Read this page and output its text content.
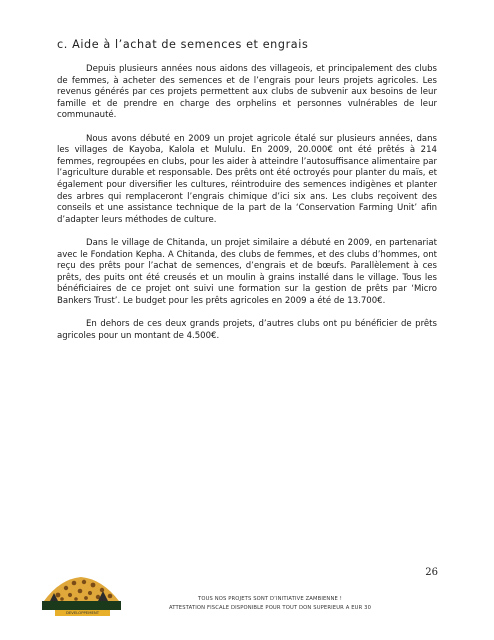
c. Aide à l’achat de semences et engrais

Depuis plusieurs années nous aidons des villageois, et principalement des clubs de femmes, à acheter des semences et de l’engrais pour leurs projets agricoles. Les revenus générés par ces projets permettent aux clubs de subvenir aux besoins de leur famille et de prendre en charge des orphelins et personnes vulnérables de leur communauté.

Nous avons débuté en 2009 un projet agricole étalé sur plusieurs années, dans les villages de Kayoba, Kalola et Mululu. En 2009, 20.000€ ont été prêtés à 214 femmes, regroupées en clubs, pour les aider à atteindre l’autosuffisance alimentaire par l’agriculture durable et responsable. Des prêts ont été octroyés pour planter du maïs, et également pour diversifier les cultures, réintroduire des semences indigènes et planter des arbres qui remplaceront l’engrais chimique d’ici six ans. Les clubs reçoivent des conseils et une assistance technique de la part de la ‘Conservation Farming Unit’ afin d’adapter leurs méthodes de culture.

Dans le village de Chitanda, un projet similaire a débuté en 2009, en partenariat avec le Fondation Kepha. A Chitanda, des clubs de femmes, et des clubs d’hommes, ont reçu des prêts pour l’achat de semences, d’engrais et de bœufs. Parallèlement à ces prêts, des puits ont été creusés et un moulin à grains installé dans le village. Tous les bénéficiaires de ce projet ont suivi une formation sur la gestion de prêts par ‘Micro Bankers Trust’. Le budget pour les prêts agricoles en 2009 a été de 13.700€.

En dehors de ces deux grands projets, d’autres clubs ont pu bénéficier de prêts agricoles pour un montant de 4.500€.

26
ABANTU ZAMBIA E
DEVELOPPEMENT
TOUS NOS PROJETS SONT D’INITIATIVE ZAMBIENNE !
ATTESTATION FISCALE DISPONIBLE POUR TOUT DON SUPERIEUR A EUR 30
